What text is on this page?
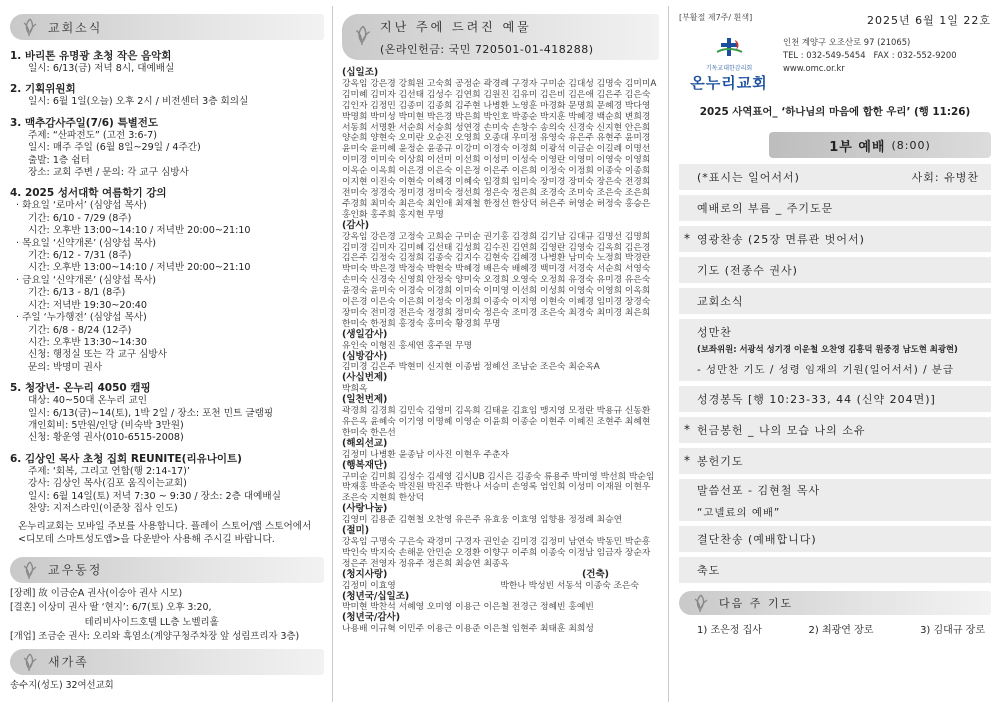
교회소식
1. 바리톤 유명광 초청 작은 음악회
일시: 6/13(금) 저녁 8시, 대예배실
2. 기획위원회
일시: 6월 1일(오늘) 오후 2시 / 비전센터 3층 회의실
3. 맥추감사주일(7/6) 특별전도
주제: “산파전도” (고전 3:6-7)
일시: 매주 주일 (6월 8일~29일 / 4주간)
출발: 1층 쉼터
장소: 교회 주변 / 문의: 각 교구 심방사
4. 2025 성서대학 여름학기 강의
· 화요일 ‘로마서’ (심양섭 목사)
기간: 6/10 - 7/29 (8주)
시간: 오후반 13:00~14:10 / 저녁반 20:00~21:10
· 목요일 ‘신약개론’ (심양섭 목사)
기간: 6/12 - 7/31 (8주)
시간: 오후반 13:00~14:10 / 저녁반 20:00~21:10
· 금요일 ‘신약개론’ (심양섭 목사)
기간: 6/13 - 8/1 (8주)
시간: 저녁반 19:30~20:40
· 주일 ‘누가행전’ (심양섭 목사)
기간: 6/8 - 8/24 (12주)
시간: 오후반 13:30~14:30
신청: 행정실 또는 각 교구 심방사
문의: 박명미 권사
5. 청장년- 온누리 4050 캠핑
대상: 40~50대 온누리 교인
일시: 6/13(금)~14(토), 1박 2일 / 장소: 포천 민트 글램핑
개인회비: 5만원/인당 (비숙박 3만원)
신청: 황운영 권사(010-6515-2008)
6. 김상인 목사 초청 집회 REUNITE(리유나이트)
주제: ‘회복, 그리고 연합(행 2:14-17)’
강사: 김상인 목사(김포 움직이는교회)
일시: 6월 14일(토) 저녁 7:30 ~ 9:30 / 장소: 2층 대예배실
찬양: 지저스라인(이준창 집사 인도)
온누리교회는 모바일 주보를 사용합니다. 플레이 스토어/앱 스토어에서
<디모데 스마트성도앱>을 다운받아 사용해 주시길 바랍니다.
교우동정
[장례] 故 이금순A 권사(이승아 권사 시모)
[결혼] 이상미 권사 딸 ‘현지’: 6/7(토) 오후 3:20,
테리비사이드호텔 LL층 노벨리홀
[개업] 조금순 권사: 오리와 흑염소(계양구청주차장 앞 성림프리자 3층)
새가족
송수지(성도) 32여선교회
지난 주에 드려진 예물
(온라인헌금: 국민 720501-01-418288)
(십일조)
강옥임 강은경 강희원 고숙희 공정순 곽경례 구경자 구미순 김대성 김명숙 김미미A 김미혜 김미자 김선태 김성수 김연희 김원진 김유미 김은비 김은애 김은주 김은숙 김인자 김정민 김종미 김종희 김주현 나병환 노영훈 마경화 문명희 문혜경 박다영 박명희 박미성 박미현 박은경 박은희 박인호 박종순 박지훈 박혜경 백순희 변희경 서동희 서명환 서순희 서승희 성연경 손미숙 손창수 송의숙 신경숙 신지현 안은희 양순희 양현숙 오미란 오순진 오영희 오종대 우미정 유영숙 유은주 유현주 윤미경 윤미숙 윤미혜 윤정순 윤종규 이강미 이경숙 이경희 이광석 이금순 이길례 이명선 이미경 이미숙 이상희 이선미 이선희 이성미 이성숙 이영란 이영미 이영숙 이영희 이옥순 이옥희 이은경 이은숙 이은정 이은주 이은희 이정숙 이정희 이종숙 이종희 이지현 이진숙 이현숙 이혜경 이혜숙 임경희 임미숙 장미경 장미숙 장은숙 전경희 전미숙 정경숙 정미경 정미숙 정선희 정은숙 정은희 조경숙 조미숙 조은숙 조은희 주경희 최미숙 최은숙 최인애 최재철 한정선 한상덕 허은주 허영순 허정숙 홍승은 홍인화 홍주희 홍지현 무명
(감사)
강옥임 강은경 고정숙 고희순 구미순 권기홍 김경희 김기남 김대규 김명선 김명희 김미경 김미자 김미혜 김선태 김성희 김수진 김연희 김영란 김영숙 김옥희 김은경 김은주 김정숙 김정희 김종숙 김지수 김현숙 김혜경 나병환 남미숙 노정희 박경란 박미숙 박은경 박정숙 박현숙 박혜경 배은숙 배혜경 백미경 서경숙 서순희 서영숙 손미숙 신경숙 신영희 안정숙 양미숙 오경희 오영숙 오정희 유경숙 유미경 유은숙 윤경숙 윤미숙 이경숙 이경희 이미숙 이미영 이선희 이성희 이영숙 이영희 이옥희 이은경 이은숙 이은희 이정숙 이정희 이종숙 이지영 이현숙 이혜경 임미경 장경숙 장미숙 전미경 전은숙 정경희 정미숙 정은숙 조미경 조은숙 최경숙 최미경 최은희 한미숙 한정희 홍경숙 홍미숙 황경희 무명
(생일감사)
유인숙 이형진 홍세연 홍주원 무명
(심방감사)
김미경 김은주 박현미 신지현 이종범 정혜선 조남순 조은숙 최순옥A
(사십번제)
박희옥
(일천번제)
곽경희 김경희 김민숙 김영미 김옥희 김태윤 김효임 맹지영 모정란 박용규 신동환 유은옥 윤혜숙 이기영 이명혜 이영순 이윤희 이종순 이현주 이혜진 조현주 최혜현 한미숙 한은선
(해외선교)
김정미 나병환 윤종남 이사진 이현우 주춘자
(행복재단)
구미순 김미희 김성수 김세영 김시UB 김시은 김종숙 류용주 박미영 박선희 박순임 박재홍 박준숙 박진원 박진주 박한나 서승미 손영록 엄인희 이성미 이재원 이현우 조은숙 지현희 한상덕
(사랑나눔)
김영미 김용준 김현철 오찬영 유은주 유효웅 이효영 임향용 정정례 최승연
(절미)
강옥임 구명숙 구은숙 곽경미 구경자 권인순 김미경 김정미 남연숙 박동민 박순흥 박인숙 박지숙 손해운 안민순 오경환 이향구 이주희 이종숙 이정남 임금자 장순자 정은주 전영자 정유주 정은희 최승연 최종옥
(청지사랑)	(건축)
김정미 이효영	박한나 박성빈 서동석 이종숙 조은숙
(청년국/십일조)
박미현 박찬석 서혜영 오미영 이용근 이은철 전경근 정혜빈 홍예빈
(청년국/감사)
나용배 이규혁 이민주 이용근 이용준 이은철 임현주 최태훈 최희성
[부활절 제7주/ 흰색]	2025년 6월 1일 22호
기독교대한감리회
온누리교회
인천 계양구 오조산로 97 (21065)
TEL : 032-549-5454   FAX : 032-552-9200
www.omc.or.kr
2025 사역표어_ ‘하나님의 마음에 합한 우리’ (행 11:26)
1부 예배 (8:00)
(*표시는 일어서서)	사회: 유병찬
예배로의 부름 _ 주기도문
* 영광찬송 (25장 면류관 벗어서)
기도 (전종수 권사)
교회소식
성만찬
(보좌위원: 서광석 성기경 이운철 오찬영 김흥덕 원중경 남도현 최광현)
- 성만찬 기도 / 성령 임재의 기원(일어서서) / 분급
성경봉독 [행 10:23-33, 44 (신약 204면)]
* 헌금봉헌 _ 나의 모습 나의 소유
* 봉헌기도
말씀선포 - 김현철 목사
“고넬료의 예배”
결단찬송 (예배합니다)
축도
다음 주 기도
1) 조은정 집사	2) 최광연 장로	3) 김대규 장로
